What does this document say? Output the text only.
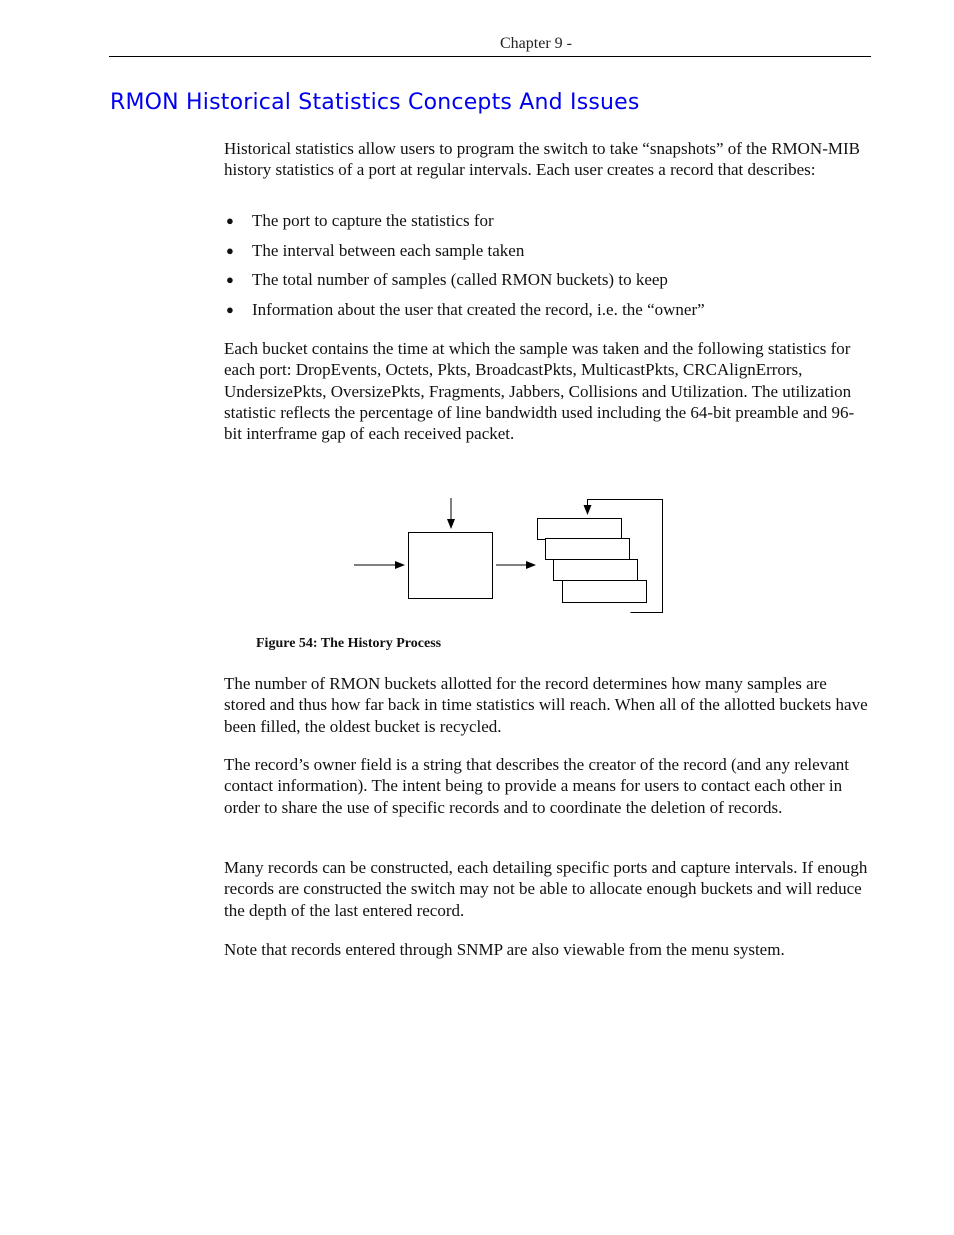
Chapter 9 -
RMON Historical Statistics Concepts And Issues

Historical statistics allow users to program the switch to take “snapshots” of the RMON-MIB history statistics of a port at regular intervals. Each user creates a record that describes:

● The port to capture the statistics for
● The interval between each sample taken
● The total number of samples (called RMON buckets) to keep
● Information about the user that created the record, i.e. the “owner”

Each bucket contains the time at which the sample was taken and the following statistics for each port: DropEvents, Octets, Pkts, BroadcastPkts, MulticastPkts, CRCAlignErrors, UndersizePkts, OversizePkts, Fragments, Jabbers, Collisions and Utilization. The utilization statistic reflects the percentage of line bandwidth used including the 64-bit preamble and 96-bit interframe gap of each received packet.

Figure 54: The History Process

The number of RMON buckets allotted for the record determines how many samples are stored and thus how far back in time statistics will reach. When all of the allotted buckets have been filled, the oldest bucket is recycled.

The record’s owner field is a string that describes the creator of the record (and any relevant contact information). The intent being to provide a means for users to contact each other in order to share the use of specific records and to coordinate the deletion of records.

Many records can be constructed, each detailing specific ports and capture intervals. If enough records are constructed the switch may not be able to allocate enough buckets and will reduce the depth of the last entered record.

Note that records entered through SNMP are also viewable from the menu system.
